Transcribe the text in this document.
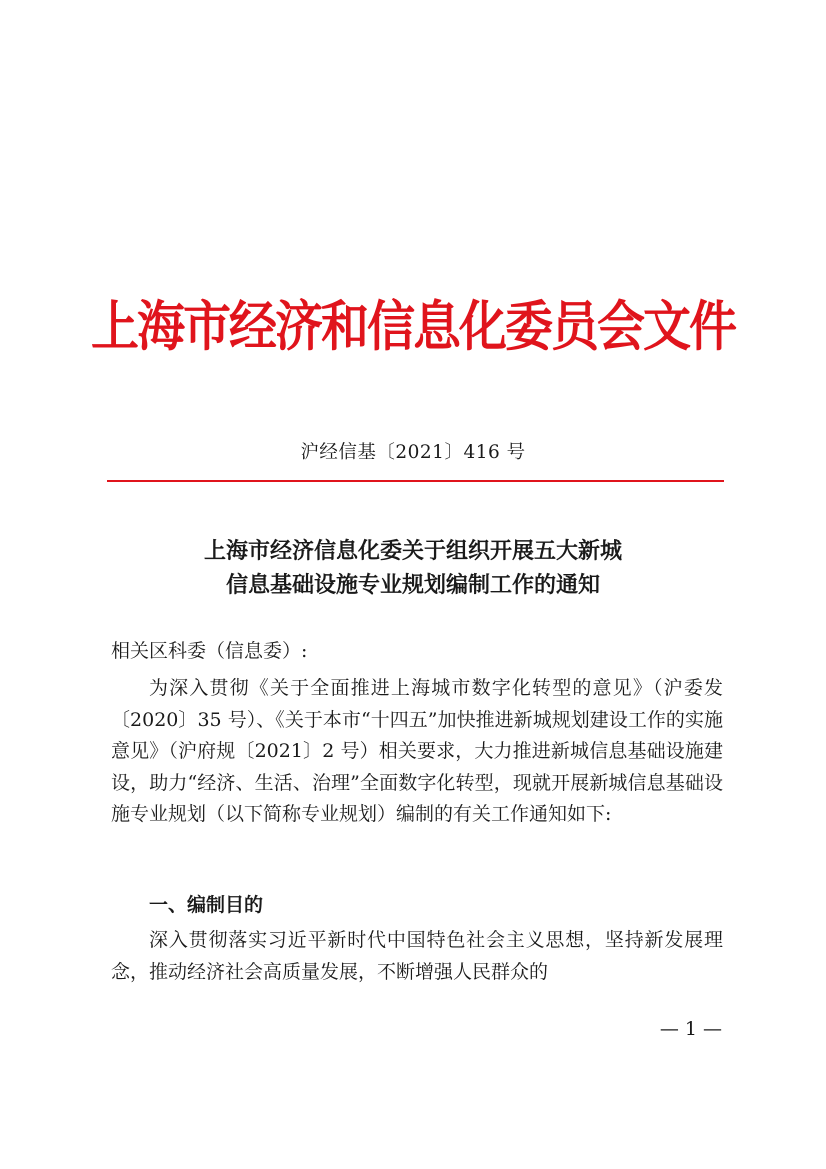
上海市经济和信息化委员会文件
沪经信基〔2021〕416 号
上海市经济信息化委关于组织开展五大新城
信息基础设施专业规划编制工作的通知
相关区科委（信息委）:
为深入贯彻《关于全面推进上海城市数字化转型的意见》（沪委发〔2020〕35 号）、《关于本市“十四五”加快推进新城规划建设工作的实施意见》（沪府规〔2021〕2 号）相关要求，大力推进新城信息基础设施建设，助力“经济、生活、治理”全面数字化转型，现就开展新城信息基础设施专业规划（以下简称专业规划）编制的有关工作通知如下:
一、编制目的
深入贯彻落实习近平新时代中国特色社会主义思想，坚持新发展理念，推动经济社会高质量发展，不断增强人民群众的
— 1 —
